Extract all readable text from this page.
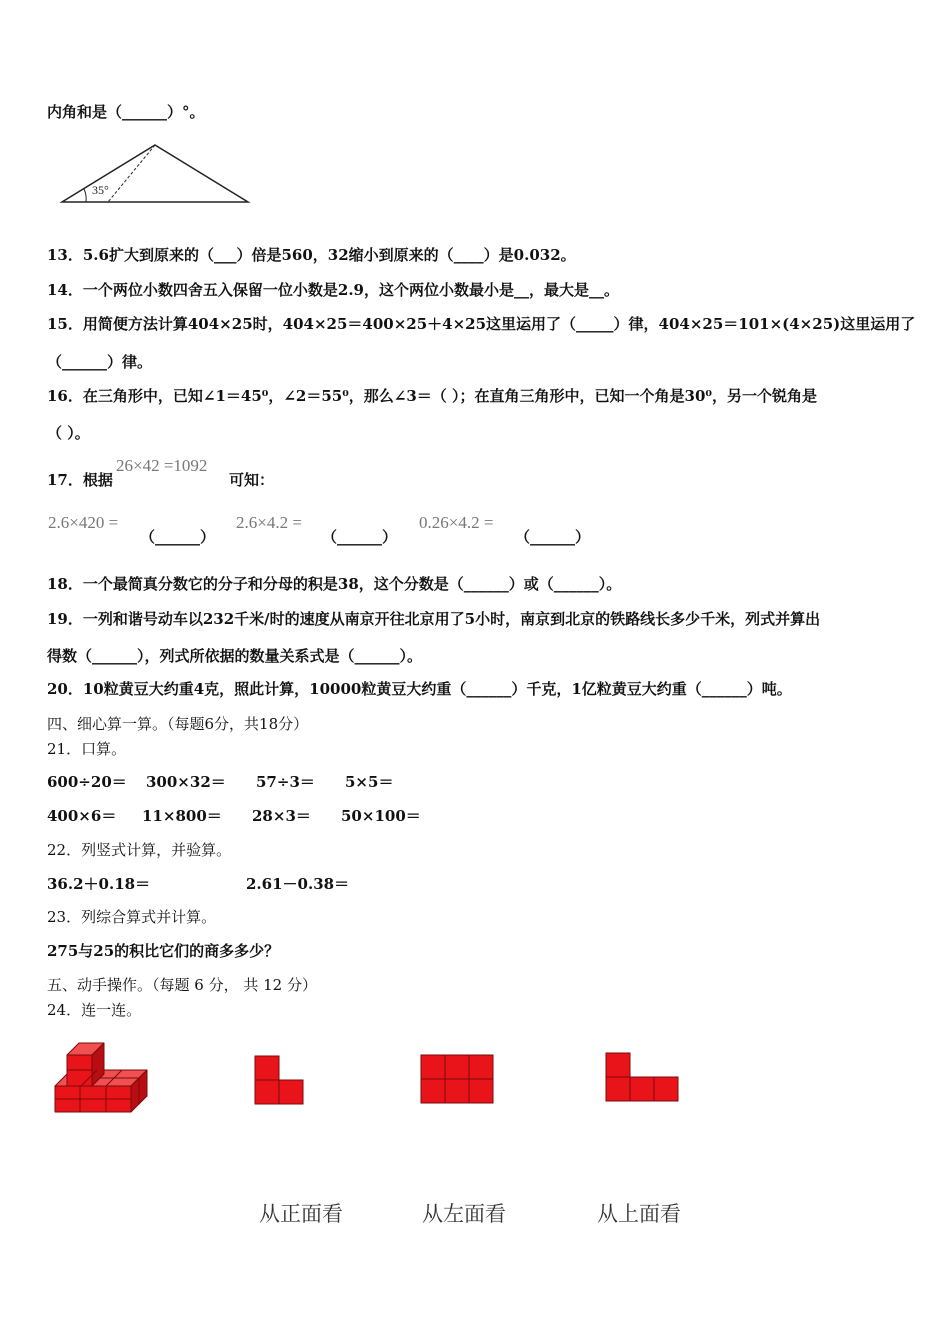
内角和是（______）°。
35°
13．5.6扩大到原来的（___）倍是560，32缩小到原来的（____）是0.032。
14．一个两位小数四舍五入保留一位小数是2.9，这个两位小数最小是__，最大是__。
15．用简便方法计算404×25时，404×25＝400×25＋4×25这里运用了（_____）律，404×25＝101×(4×25)这里运用了
（______）律。
16．在三角形中，已知∠1＝45⁰，∠2＝55⁰，那么∠3＝（ ）；在直角三角形中，已知一个角是30⁰，另一个锐角是
（ ）。
17．根据
26×42 =1092
可知：
2.6×420 =
（______）
2.6×4.2 =
（______）
0.26×4.2 =
（______）
18．一个最简真分数它的分子和分母的积是38，这个分数是（______）或（______）。
19．一列和谐号动车以232千米/时的速度从南京开往北京用了5小时，南京到北京的铁路线长多少千米，列式并算出
得数（______），列式所依据的数量关系式是（______）。
20．10粒黄豆大约重4克，照此计算，10000粒黄豆大约重（______）千克，1亿粒黄豆大约重（______）吨。
四、细心算一算。（每题6分，共18分）
21．口算。
600÷20＝ 300×32＝ 57÷3＝ 5×5＝
400×6＝ 11×800＝ 28×3＝ 50×100＝
22．列竖式计算，并验算。
36.2＋0.18＝	2.61－0.38＝
23．列综合算式并计算。
275与25的积比它们的商多多少？
五、动手操作。（每题 6 分， 共 12 分）
24．连一连。
从正面看	从左面看	从上面看
